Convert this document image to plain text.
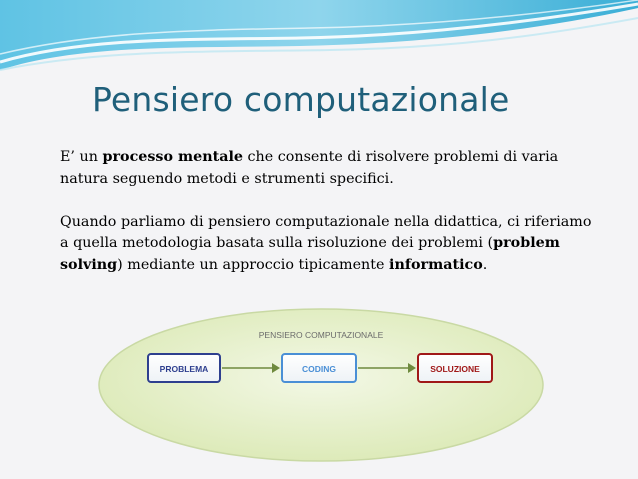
Pensiero computazionale

E’ un processo mentale che consente di risolvere problemi di varia natura seguendo metodi e strumenti specifici.

Quando parliamo di pensiero computazionale nella didattica, ci riferiamo a quella metodologia basata sulla risoluzione dei problemi (problem solving) mediante un approccio tipicamente informatico.

PENSIERO COMPUTAZIONALE
PROBLEMA	CODING	SOLUZIONE
